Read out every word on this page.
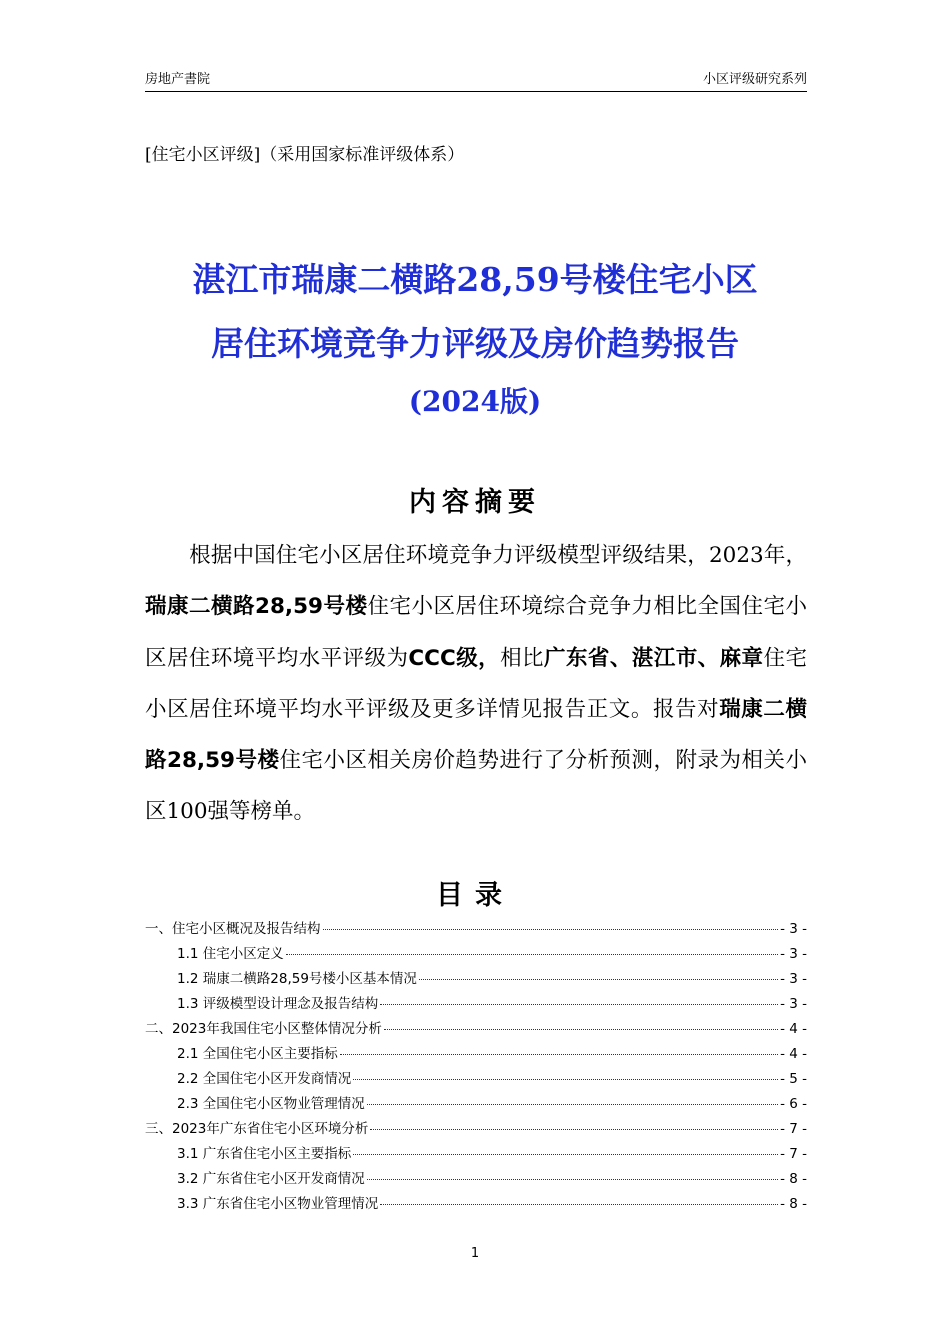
房地产書院	小区评级研究系列
[住宅小区评级]（采用国家标准评级体系）
湛江市瑞康二横路28,59号楼住宅小区
居住环境竞争力评级及房价趋势报告
(2024版)
内容摘要
根据中国住宅小区居住环境竞争力评级模型评级结果，2023年，瑞康二横路28,59号楼住宅小区居住环境综合竞争力相比全国住宅小区居住环境平均水平评级为CCC级，相比广东省、湛江市、麻章住宅小区居住环境平均水平评级及更多详情见报告正文。报告对瑞康二横路28,59号楼住宅小区相关房价趋势进行了分析预测，附录为相关小区100强等榜单。
目录
一、住宅小区概况及报告结构	- 3 -
1.1 住宅小区定义	- 3 -
1.2 瑞康二横路28,59号楼小区基本情况	- 3 -
1.3 评级模型设计理念及报告结构	- 3 -
二、2023年我国住宅小区整体情况分析	- 4 -
2.1 全国住宅小区主要指标	- 4 -
2.2 全国住宅小区开发商情况	- 5 -
2.3 全国住宅小区物业管理情况	- 6 -
三、2023年广东省住宅小区环境分析	- 7 -
3.1 广东省住宅小区主要指标	- 7 -
3.2 广东省住宅小区开发商情况	- 8 -
3.3 广东省住宅小区物业管理情况	- 8 -
1
